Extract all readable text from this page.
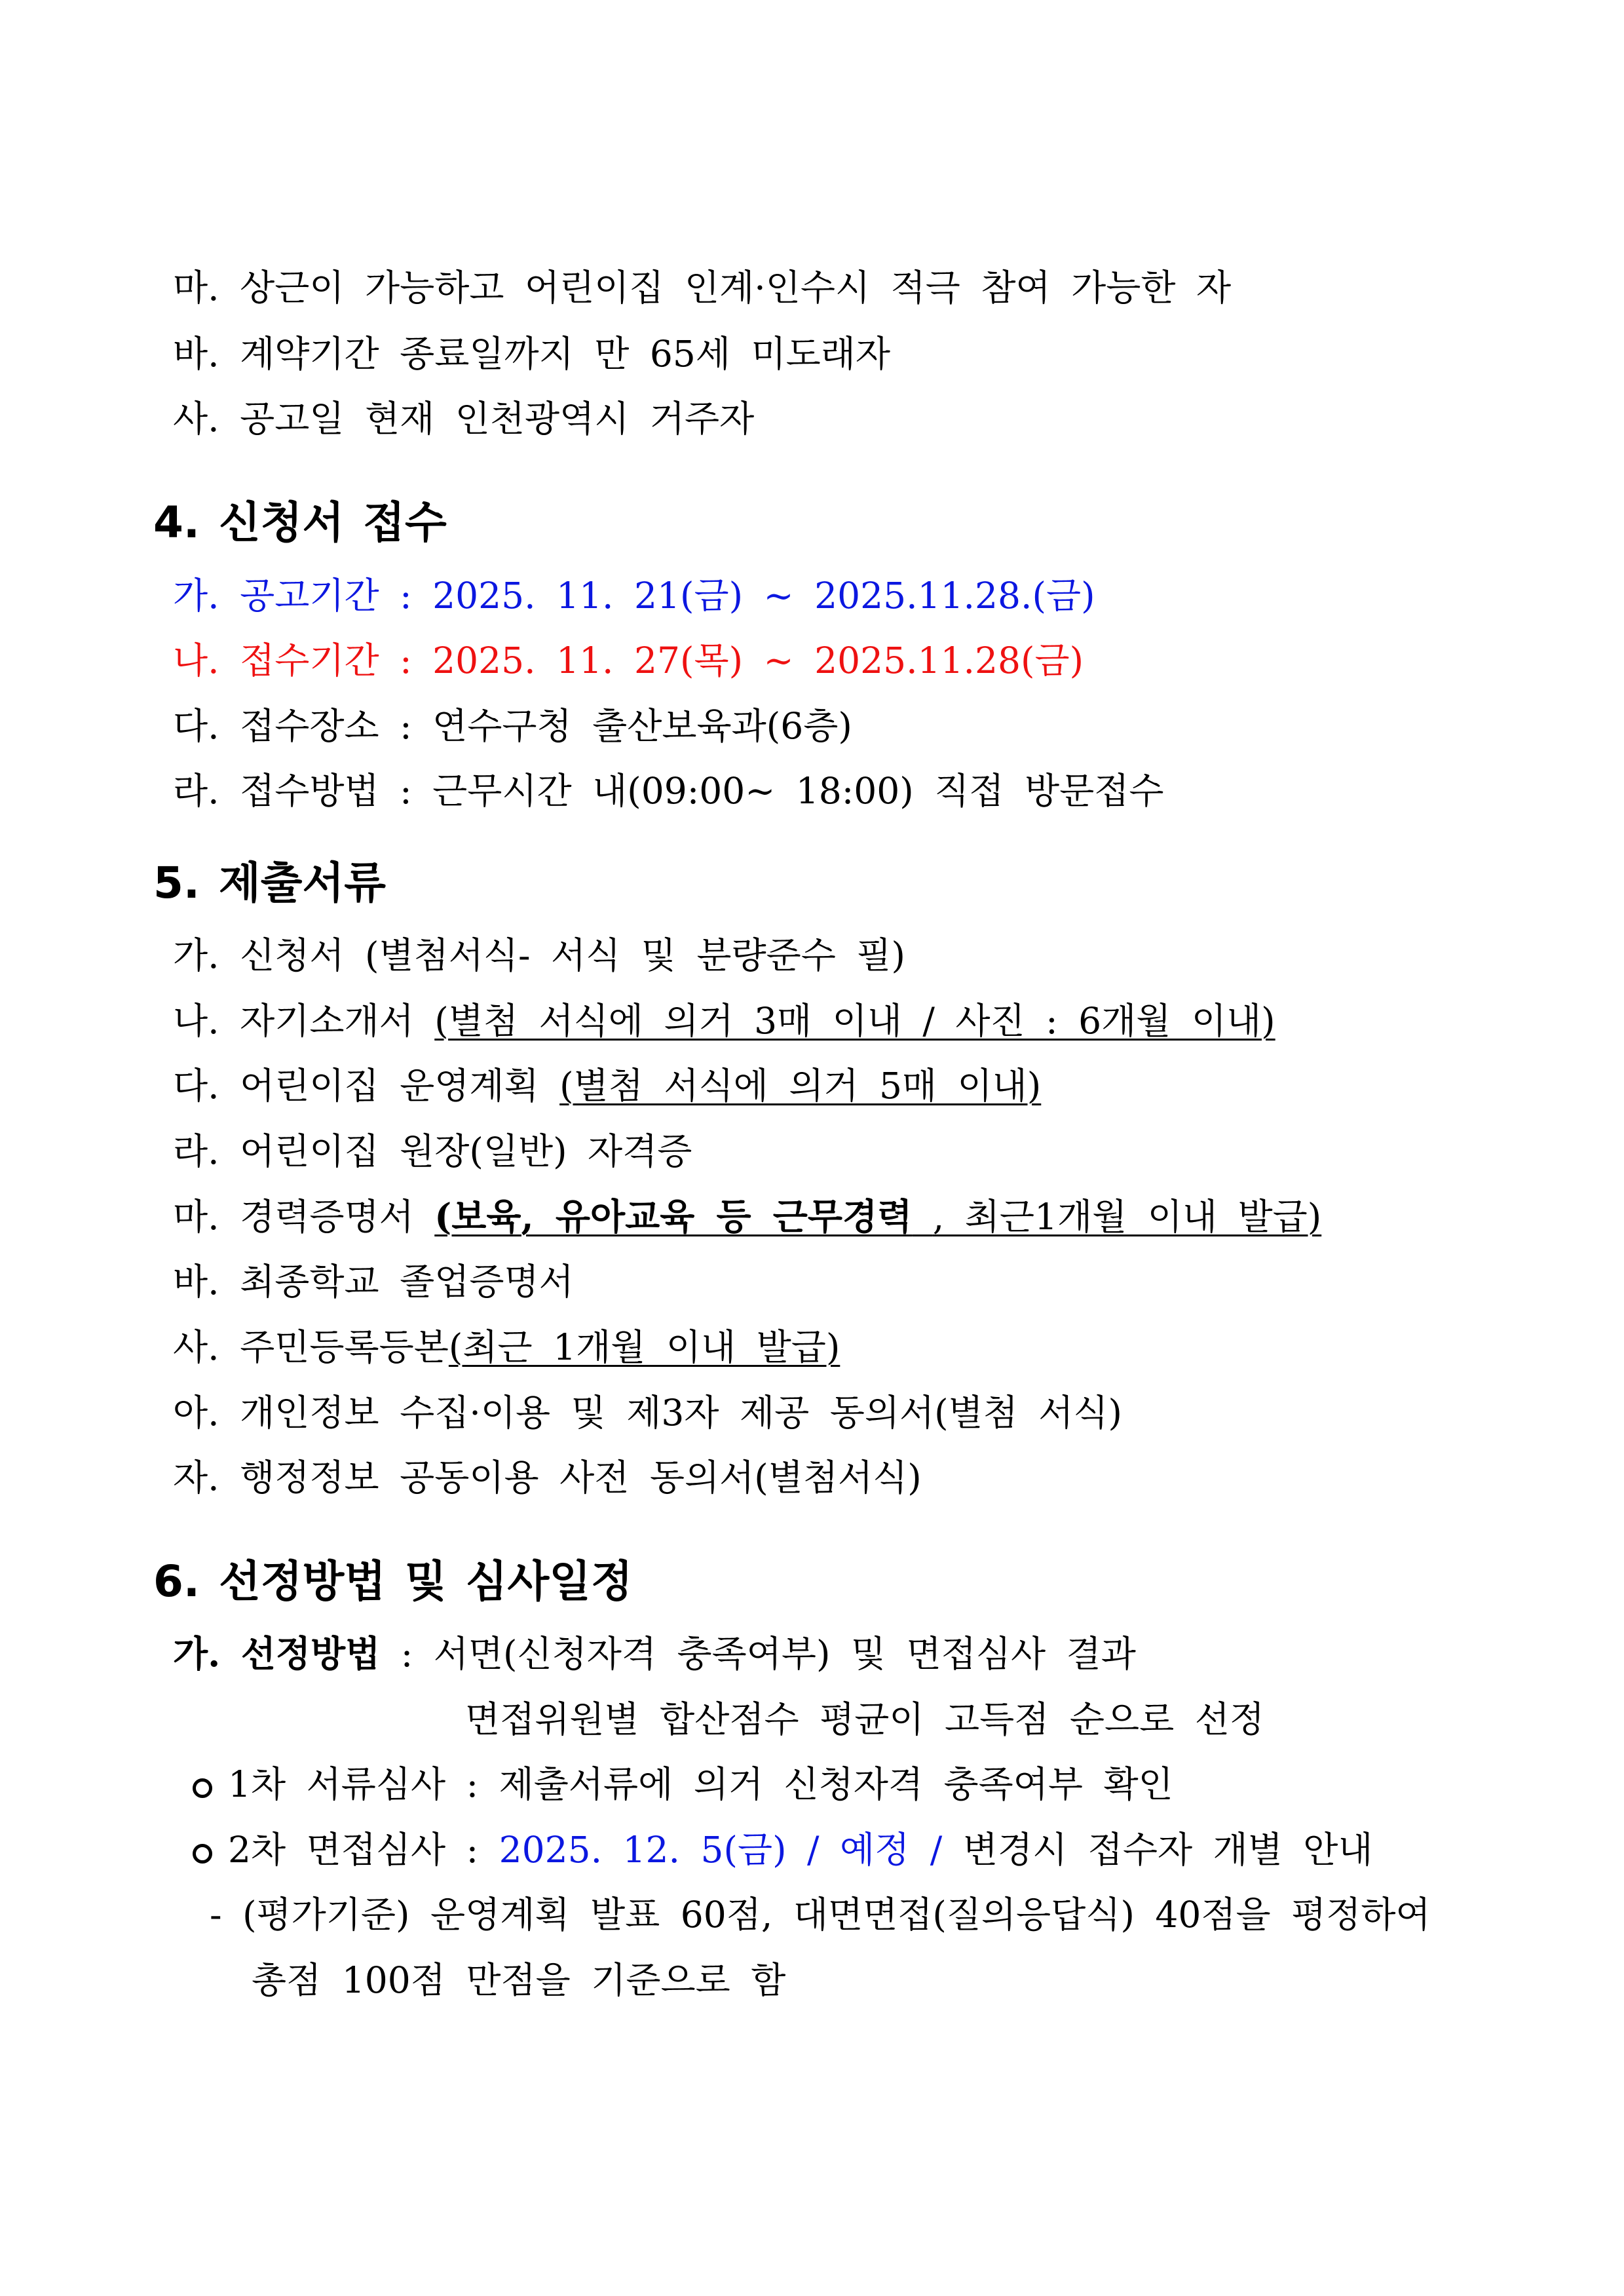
마. 상근이 가능하고 어린이집 인계·인수시 적극 참여 가능한 자
바. 계약기간 종료일까지 만 65세 미도래자
사. 공고일 현재 인천광역시 거주자
4. 신청서 접수
가. 공고기간 : 2025. 11. 21(금) ~ 2025.11.28.(금)
나. 접수기간 : 2025. 11. 27(목) ~ 2025.11.28(금)
다. 접수장소 : 연수구청 출산보육과(6층)
라. 접수방법 : 근무시간 내(09:00~ 18:00) 직접 방문접수
5. 제출서류
가. 신청서 (별첨서식- 서식 및 분량준수 필)
나. 자기소개서 (별첨 서식에 의거 3매 이내 / 사진 : 6개월 이내)
다. 어린이집 운영계획 (별첨 서식에 의거 5매 이내)
라. 어린이집 원장(일반) 자격증
마. 경력증명서 (보육, 유아교육 등 근무경력 , 최근1개월 이내 발급)
바. 최종학교 졸업증명서
사. 주민등록등본(최근 1개월 이내 발급)
아. 개인정보 수집·이용 및 제3자 제공 동의서(별첨 서식)
자. 행정정보 공동이용 사전 동의서(별첨서식)
6. 선정방법 및 심사일정
가. 선정방법 : 서면(신청자격 충족여부) 및 면접심사 결과
면접위원별 합산점수 평균이 고득점 순으로 선정
1차 서류심사 : 제출서류에 의거 신청자격 충족여부 확인
2차 면접심사 : 2025. 12. 5(금) / 예정 / 변경시 접수자 개별 안내
- (평가기준) 운영계획 발표 60점, 대면면접(질의응답식) 40점을 평정하여
총점 100점 만점을 기준으로 함
